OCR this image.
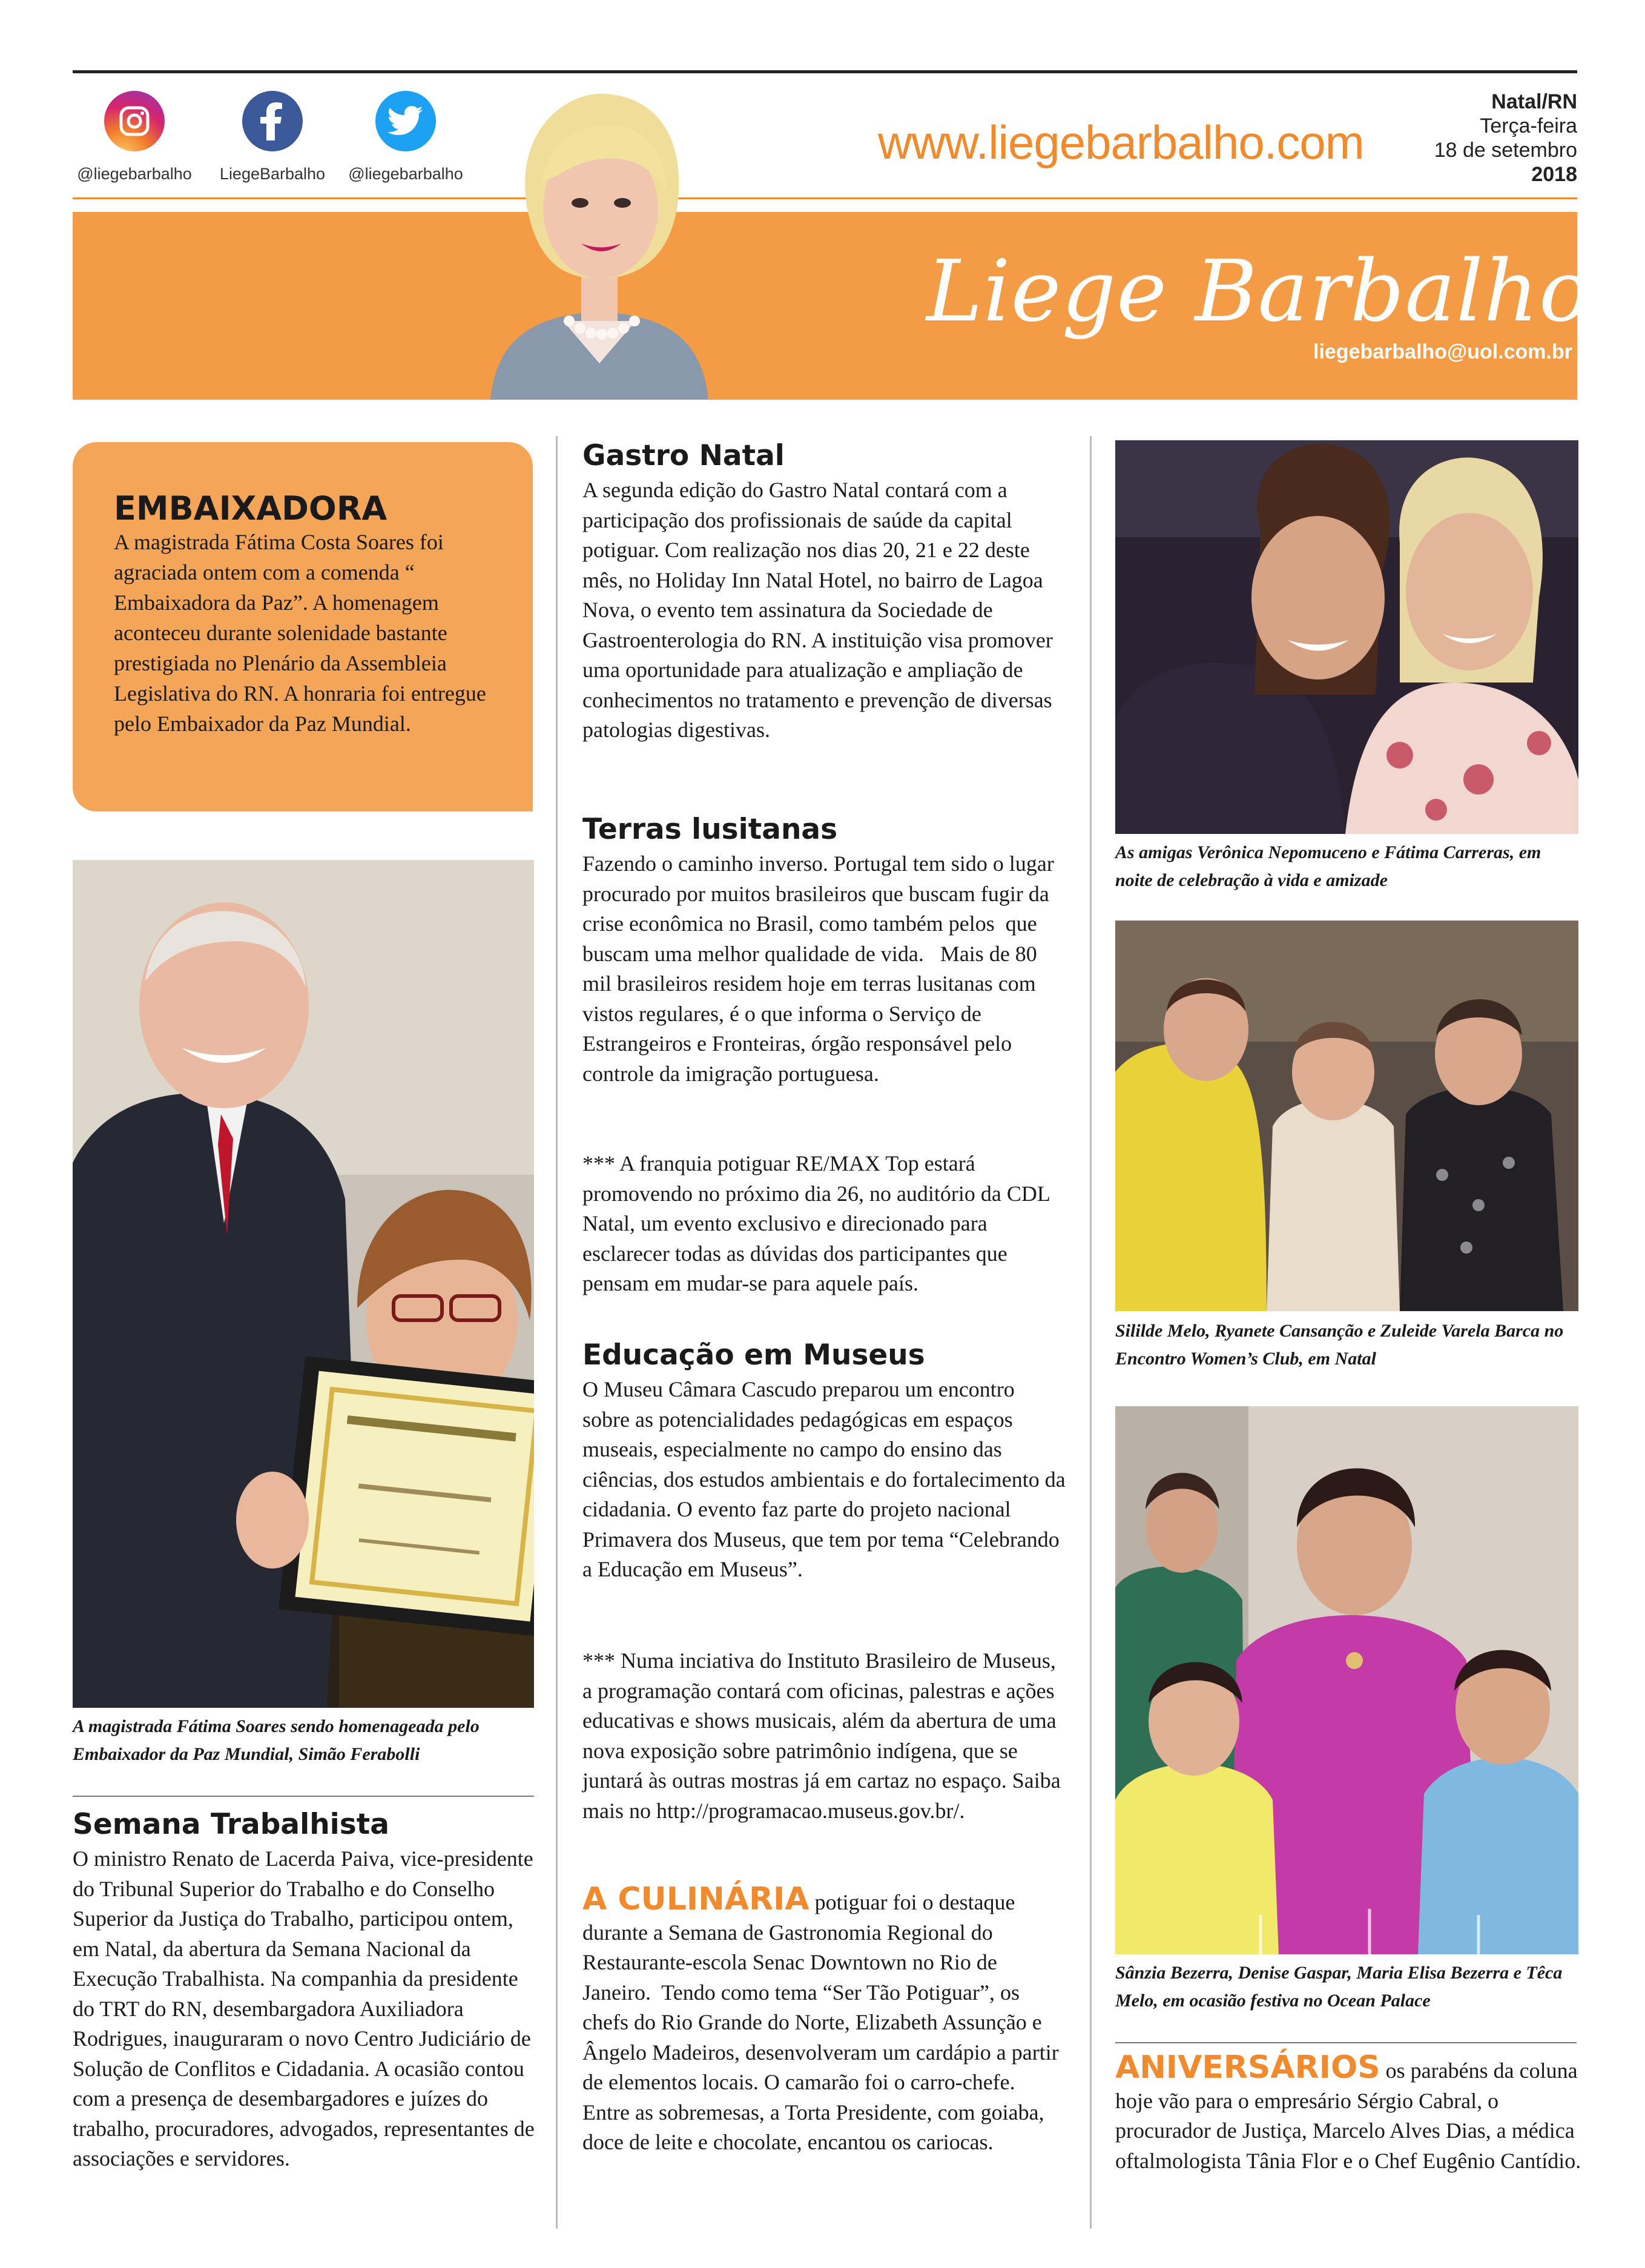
@liegebarbalho	LiegeBarbalho	@liegebarbalho
www.liegebarbalho.com
Natal/RN
Terça-feira
18 de setembro
2018
Liege Barbalho
liegebarbalho@uol.com.br
EMBAIXADORA
A magistrada Fátima Costa Soares foi agraciada ontem com a comenda “ Embaixadora da Paz”. A homenagem aconteceu durante solenidade bastante prestigiada no Plenário da Assembleia Legislativa do RN. A honraria foi entregue pelo Embaixador da Paz Mundial.
A magistrada Fátima Soares sendo homenageada pelo Embaixador da Paz Mundial, Simão Ferabolli
Semana Trabalhista
O ministro Renato de Lacerda Paiva, vice-presidente do Tribunal Superior do Trabalho e do Conselho Superior da Justiça do Trabalho, participou ontem, em Natal, da abertura da Semana Nacional da Execução Trabalhista. Na companhia da presidente do TRT do RN, desembargadora Auxiliadora Rodrigues, inauguraram o novo Centro Judiciário de Solução de Conflitos e Cidadania. A ocasião contou com a presença de desembargadores e juízes do trabalho, procuradores, advogados, representantes de associações e servidores.
Gastro Natal
A segunda edição do Gastro Natal contará com a participação dos profissionais de saúde da capital potiguar. Com realização nos dias 20, 21 e 22 deste mês, no Holiday Inn Natal Hotel, no bairro de Lagoa Nova, o evento tem assinatura da Sociedade de Gastroenterologia do RN. A instituição visa promover uma oportunidade para atualização e ampliação de conhecimentos no tratamento e prevenção de diversas patologias digestivas.
Terras lusitanas
Fazendo o caminho inverso. Portugal tem sido o lugar procurado por muitos brasileiros que buscam fugir da crise econômica no Brasil, como também pelos  que buscam uma melhor qualidade de vida.   Mais de 80 mil brasileiros residem hoje em terras lusitanas com vistos regulares, é o que informa o Serviço de Estrangeiros e Fronteiras, órgão responsável pelo controle da imigração portuguesa.
*** A franquia potiguar RE/MAX Top estará promovendo no próximo dia 26, no auditório da CDL Natal, um evento exclusivo e direcionado para esclarecer todas as dúvidas dos participantes que pensam em mudar-se para aquele país.
Educação em Museus
O Museu Câmara Cascudo preparou um encontro sobre as potencialidades pedagógicas em espaços museais, especialmente no campo do ensino das ciências, dos estudos ambientais e do fortalecimento da cidadania. O evento faz parte do projeto nacional Primavera dos Museus, que tem por tema “Celebrando a Educação em Museus”.
*** Numa inciativa do Instituto Brasileiro de Museus, a programação contará com oficinas, palestras e ações educativas e shows musicais, além da abertura de uma nova exposição sobre patrimônio indígena, que se juntará às outras mostras já em cartaz no espaço. Saiba mais no http://programacao.museus.gov.br/.
A CULINÁRIA potiguar foi o destaque durante a Semana de Gastronomia Regional do Restaurante-escola Senac Downtown no Rio de Janeiro.  Tendo como tema “Ser Tão Potiguar”, os chefs do Rio Grande do Norte, Elizabeth Assunção e Ângelo Madeiros, desenvolveram um cardápio a partir de elementos locais. O camarão foi o carro-chefe. Entre as sobremesas, a Torta Presidente, com goiaba, doce de leite e chocolate, encantou os cariocas.
As amigas Verônica Nepomuceno e Fátima Carreras, em noite de celebração à vida e amizade
Sililde Melo, Ryanete Cansanção e Zuleide Varela Barca no Encontro Women’s Club, em Natal
Sânzia Bezerra, Denise Gaspar, Maria Elisa Bezerra e Têca Melo, em ocasião festiva no Ocean Palace
ANIVERSÁRIOS os parabéns da coluna hoje vão para o empresário Sérgio Cabral, o procurador de Justiça, Marcelo Alves Dias, a médica oftalmologista Tânia Flor e o Chef Eugênio Cantídio.
